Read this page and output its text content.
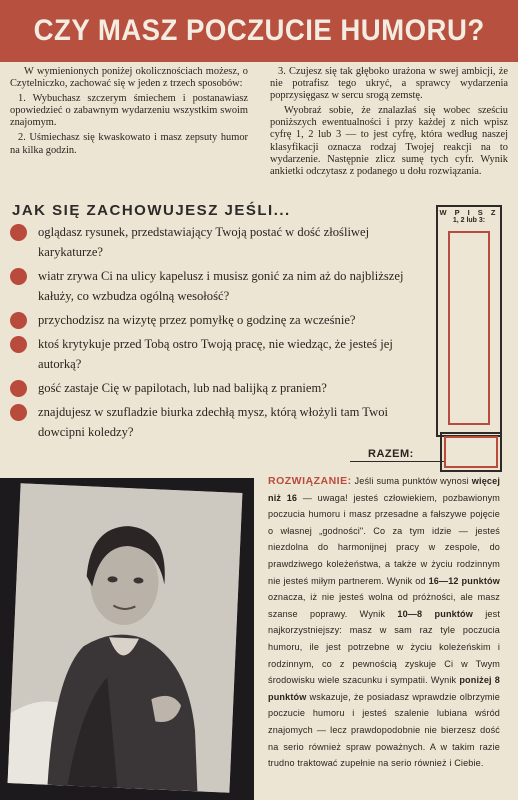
CZY MASZ POCZUCIE HUMORU?

W wymienionych poniżej okolicznościach możesz, o Czytelniczko, zachować się w jeden z trzech sposobów:

1. Wybuchasz szczerym śmiechem i postanawiasz opowiedzieć o zabawnym wydarzeniu wszystkim swoim znajomym.

2. Uśmiechasz się kwaskowato i masz zepsuty humor na kilka godzin.

3. Czujesz się tak głęboko urażona w swej ambicji, że nie potrafisz tego ukryć, a sprawcy wydarzenia poprzysięgasz w sercu srogą zemstę.

Wyobraź sobie, że znalazłaś się wobec sześciu poniższych ewentualności i przy każdej z nich wpisz cyfrę 1, 2 lub 3 — to jest cyfrę, która według naszej klasyfikacji oznacza rodzaj Twojej reakcji na to wydarzenie. Następnie zlicz sumę tych cyfr. Wynik ankietki odczytasz z podanego u dołu rozwiązania.

JAK SIĘ ZACHOWUJESZ JEŚLI...
oglądasz rysunek, przedstawiający Twoją postać w dość złośliwej karykaturze?
wiatr zrywa Ci na ulicy kapelusz i musisz gonić za nim aż do najbliższej kałuży, co wzbudza ogólną wesołość?
przychodzisz na wizytę przez pomyłkę o godzinę za wcześnie?
ktoś krytykuje przed Tobą ostro Twoją pracę, nie wiedząc, że jesteś jej autorką?
gość zastaje Cię w papilotach, lub nad balijką z praniem?
znajdujesz w szufladzie biurka zdechłą mysz, którą włożyli tam Twoi dowcipni koledzy?
W P I S Z
1, 2 lub 3:
RAZEM:
ROZWIĄZANIE: Jeśli suma punktów wynosi więcej niż 16 — uwaga! jesteś człowiekiem, pozbawionym poczucia humoru i masz przesadne a fałszywe pojęcie o własnej „godności". Co za tym idzie — jesteś niezdolna do harmonijnej pracy w zespole, do prawdziwego koleżeństwa, a także w życiu rodzinnym nie jesteś miłym partnerem. Wynik od 16—12 punktów oznacza, iż nie jesteś wolna od próżności, ale masz szanse poprawy. Wynik 10—8 punktów jest najkorzystniejszy: masz w sam raz tyle poczucia humoru, ile jest potrzebne w życiu koleżeńskim i rodzinnym, co z pewnością zyskuje Ci w Twym środowisku wiele szacunku i sympatii. Wynik poniżej 8 punktów wskazuje, że posiadasz wprawdzie olbrzymie poczucie humoru i jesteś szalenie lubiana wśród znajomych — lecz prawdopodobnie nie bierzesz dość na serio również spraw poważnych. A w takim razie trudno traktować zupełnie na serio również i Ciebie.
